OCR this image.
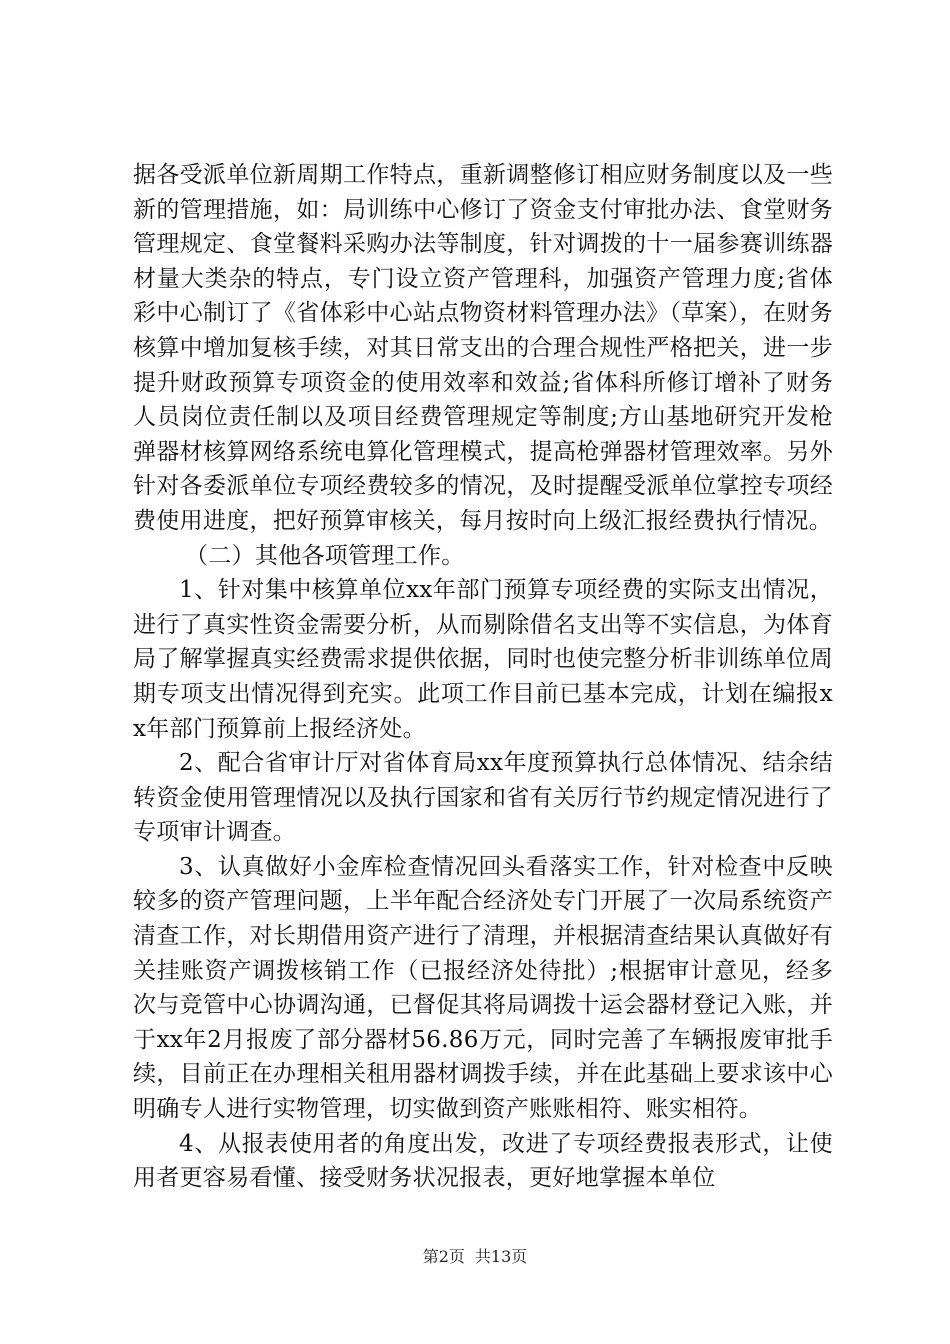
据各受派单位新周期工作特点，重新调整修订相应财务制度以及一些新的管理措施，如：局训练中心修订了资金支付审批办法、食堂财务管理规定、食堂餐料采购办法等制度，针对调拨的十一届参赛训练器材量大类杂的特点，专门设立资产管理科，加强资产管理力度;省体彩中心制订了《省体彩中心站点物资材料管理办法》（草案），在财务核算中增加复核手续，对其日常支出的合理合规性严格把关，进一步提升财政预算专项资金的使用效率和效益;省体科所修订增补了财务人员岗位责任制以及项目经费管理规定等制度;方山基地研究开发枪弹器材核算网络系统电算化管理模式，提高枪弹器材管理效率。另外针对各委派单位专项经费较多的情况，及时提醒受派单位掌控专项经费使用进度，把好预算审核关，每月按时向上级汇报经费执行情况。

（二）其他各项管理工作。

1、针对集中核算单位xx年部门预算专项经费的实际支出情况，进行了真实性资金需要分析，从而剔除借名支出等不实信息，为体育局了解掌握真实经费需求提供依据，同时也使完整分析非训练单位周期专项支出情况得到充实。此项工作目前已基本完成，计划在编报xx年部门预算前上报经济处。

2、配合省审计厅对省体育局xx年度预算执行总体情况、结余结转资金使用管理情况以及执行国家和省有关厉行节约规定情况进行了专项审计调查。

3、认真做好小金库检查情况回头看落实工作，针对检查中反映较多的资产管理问题，上半年配合经济处专门开展了一次局系统资产清查工作，对长期借用资产进行了清理，并根据清查结果认真做好有关挂账资产调拨核销工作（已报经济处待批）;根据审计意见，经多次与竞管中心协调沟通，已督促其将局调拨十运会器材登记入账，并于xx年2月报废了部分器材56.86万元，同时完善了车辆报废审批手续，目前正在办理相关租用器材调拨手续，并在此基础上要求该中心明确专人进行实物管理，切实做到资产账账相符、账实相符。

4、从报表使用者的角度出发，改进了专项经费报表形式，让使用者更容易看懂、接受财务状况报表，更好地掌握本单位

第2页 共13页
